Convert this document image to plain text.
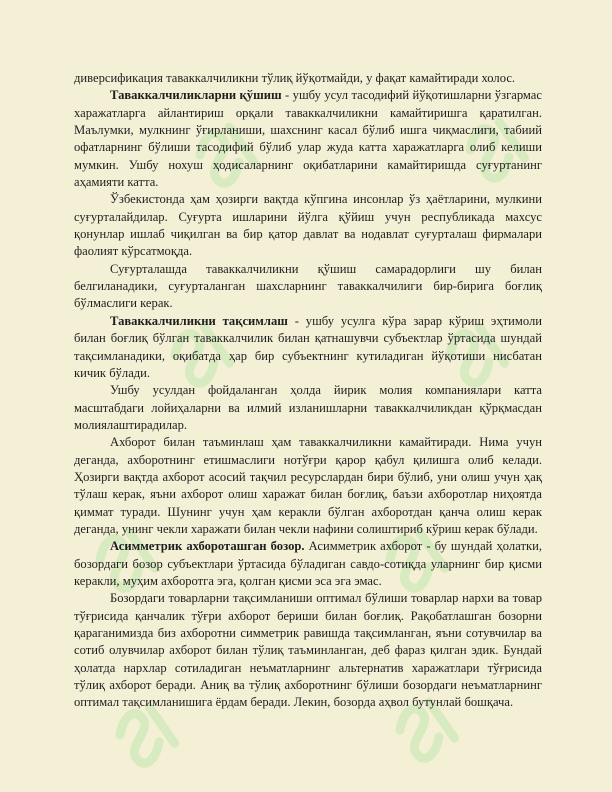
диверсификация таваккалчиликни тўлиқ йўқотмайди, у фақат камайтиради холос.

Таваккалчиликларни қўшиш - ушбу усул тасодифий йўқотишларни ўзгармас харажатларга айлантириш орқали таваккалчиликни камайтиришга қаратилган. Маълумки, мулкнинг ўғирланиши, шахснинг касал бўлиб ишга чиқмаслиги, табиий офатларнинг бўлиши тасодифий бўлиб улар жуда катта харажатларга олиб келиши мумкин. Ушбу нохуш ҳодисаларнинг оқибатларини камайтиришда суғуртанинг аҳамияти катта.

Ўзбекистонда ҳам ҳозирги вақтда кўпгина инсонлар ўз ҳаётларини, мулкини суғурталайдилар. Суғурта ишларини йўлга қўйиш учун республикада махсус қонунлар ишлаб чиқилган ва бир қатор давлат ва нодавлат суғурталаш фирмалари фаолият кўрсатмоқда.

Суғурталашда таваккалчиликни қўшиш самарадорлиги шу билан белгиланадики, суғурталанган шахсларнинг таваккалчилиги бир-бирига боғлиқ бўлмаслиги керак.

Таваккалчиликни тақсимлаш - ушбу усулга кўра зарар кўриш эҳтимоли билан боғлиқ бўлган таваккалчилик билан қатнашувчи субъектлар ўртасида шундай тақсимланадики, оқибатда ҳар бир субъектнинг кутиладиган йўқотиши нисбатан кичик бўлади.

Ушбу усулдан фойдаланган ҳолда йирик молия компаниялари катта масштабдаги лойиҳаларни ва илмий изланишларни таваккалчиликдан қўрқмасдан молиялаштирадилар.

Ахборот билан таъминлаш ҳам таваккалчиликни камайтиради. Нима учун деганда, ахборотнинг етишмаслиги нотўғри қарор қабул қилишга олиб келади. Ҳозирги вақтда ахборот асосий тақчил ресурслардан бири бўлиб, уни олиш учун ҳақ тўлаш керак, яъни ахборот олиш харажат билан боғлиқ, баъзи ахборотлар ниҳоятда қиммат туради. Шунинг учун ҳам керакли бўлган ахборотдан қанча олиш керак деганда, унинг чекли харажати билан чекли нафини солиштириб кўриш керак бўлади.

Асимметрик ахбороташган бозор. Асимметрик ахборот - бу шундай ҳолатки, бозордаги бозор субъектлари ўртасида бўладиган савдо-сотиқда уларнинг бир қисми керакли, муҳим ахборотга эга, қолган қисми эса эга эмас.

Бозордаги товарларни тақсимланиши оптимал бўлиши товарлар нархи ва товар тўғрисида қанчалик тўғри ахборот бериши билан боғлиқ. Рақобатлашган бозорни қараганимизда биз ахборотни симметрик равишда тақсимланган, яъни сотувчилар ва сотиб олувчилар ахборот билан тўлиқ таъминланган, деб фараз қилган эдик. Бундай ҳолатда нархлар сотиладиган неъматларнинг альтернатив харажатлари тўғрисида тўлиқ ахборот беради. Аниқ ва тўлиқ ахборотнинг бўлиши бозордаги неъматларнинг оптимал тақсимланишига ёрдам беради. Лекин, бозорда аҳвол бутунлай бошқача.
